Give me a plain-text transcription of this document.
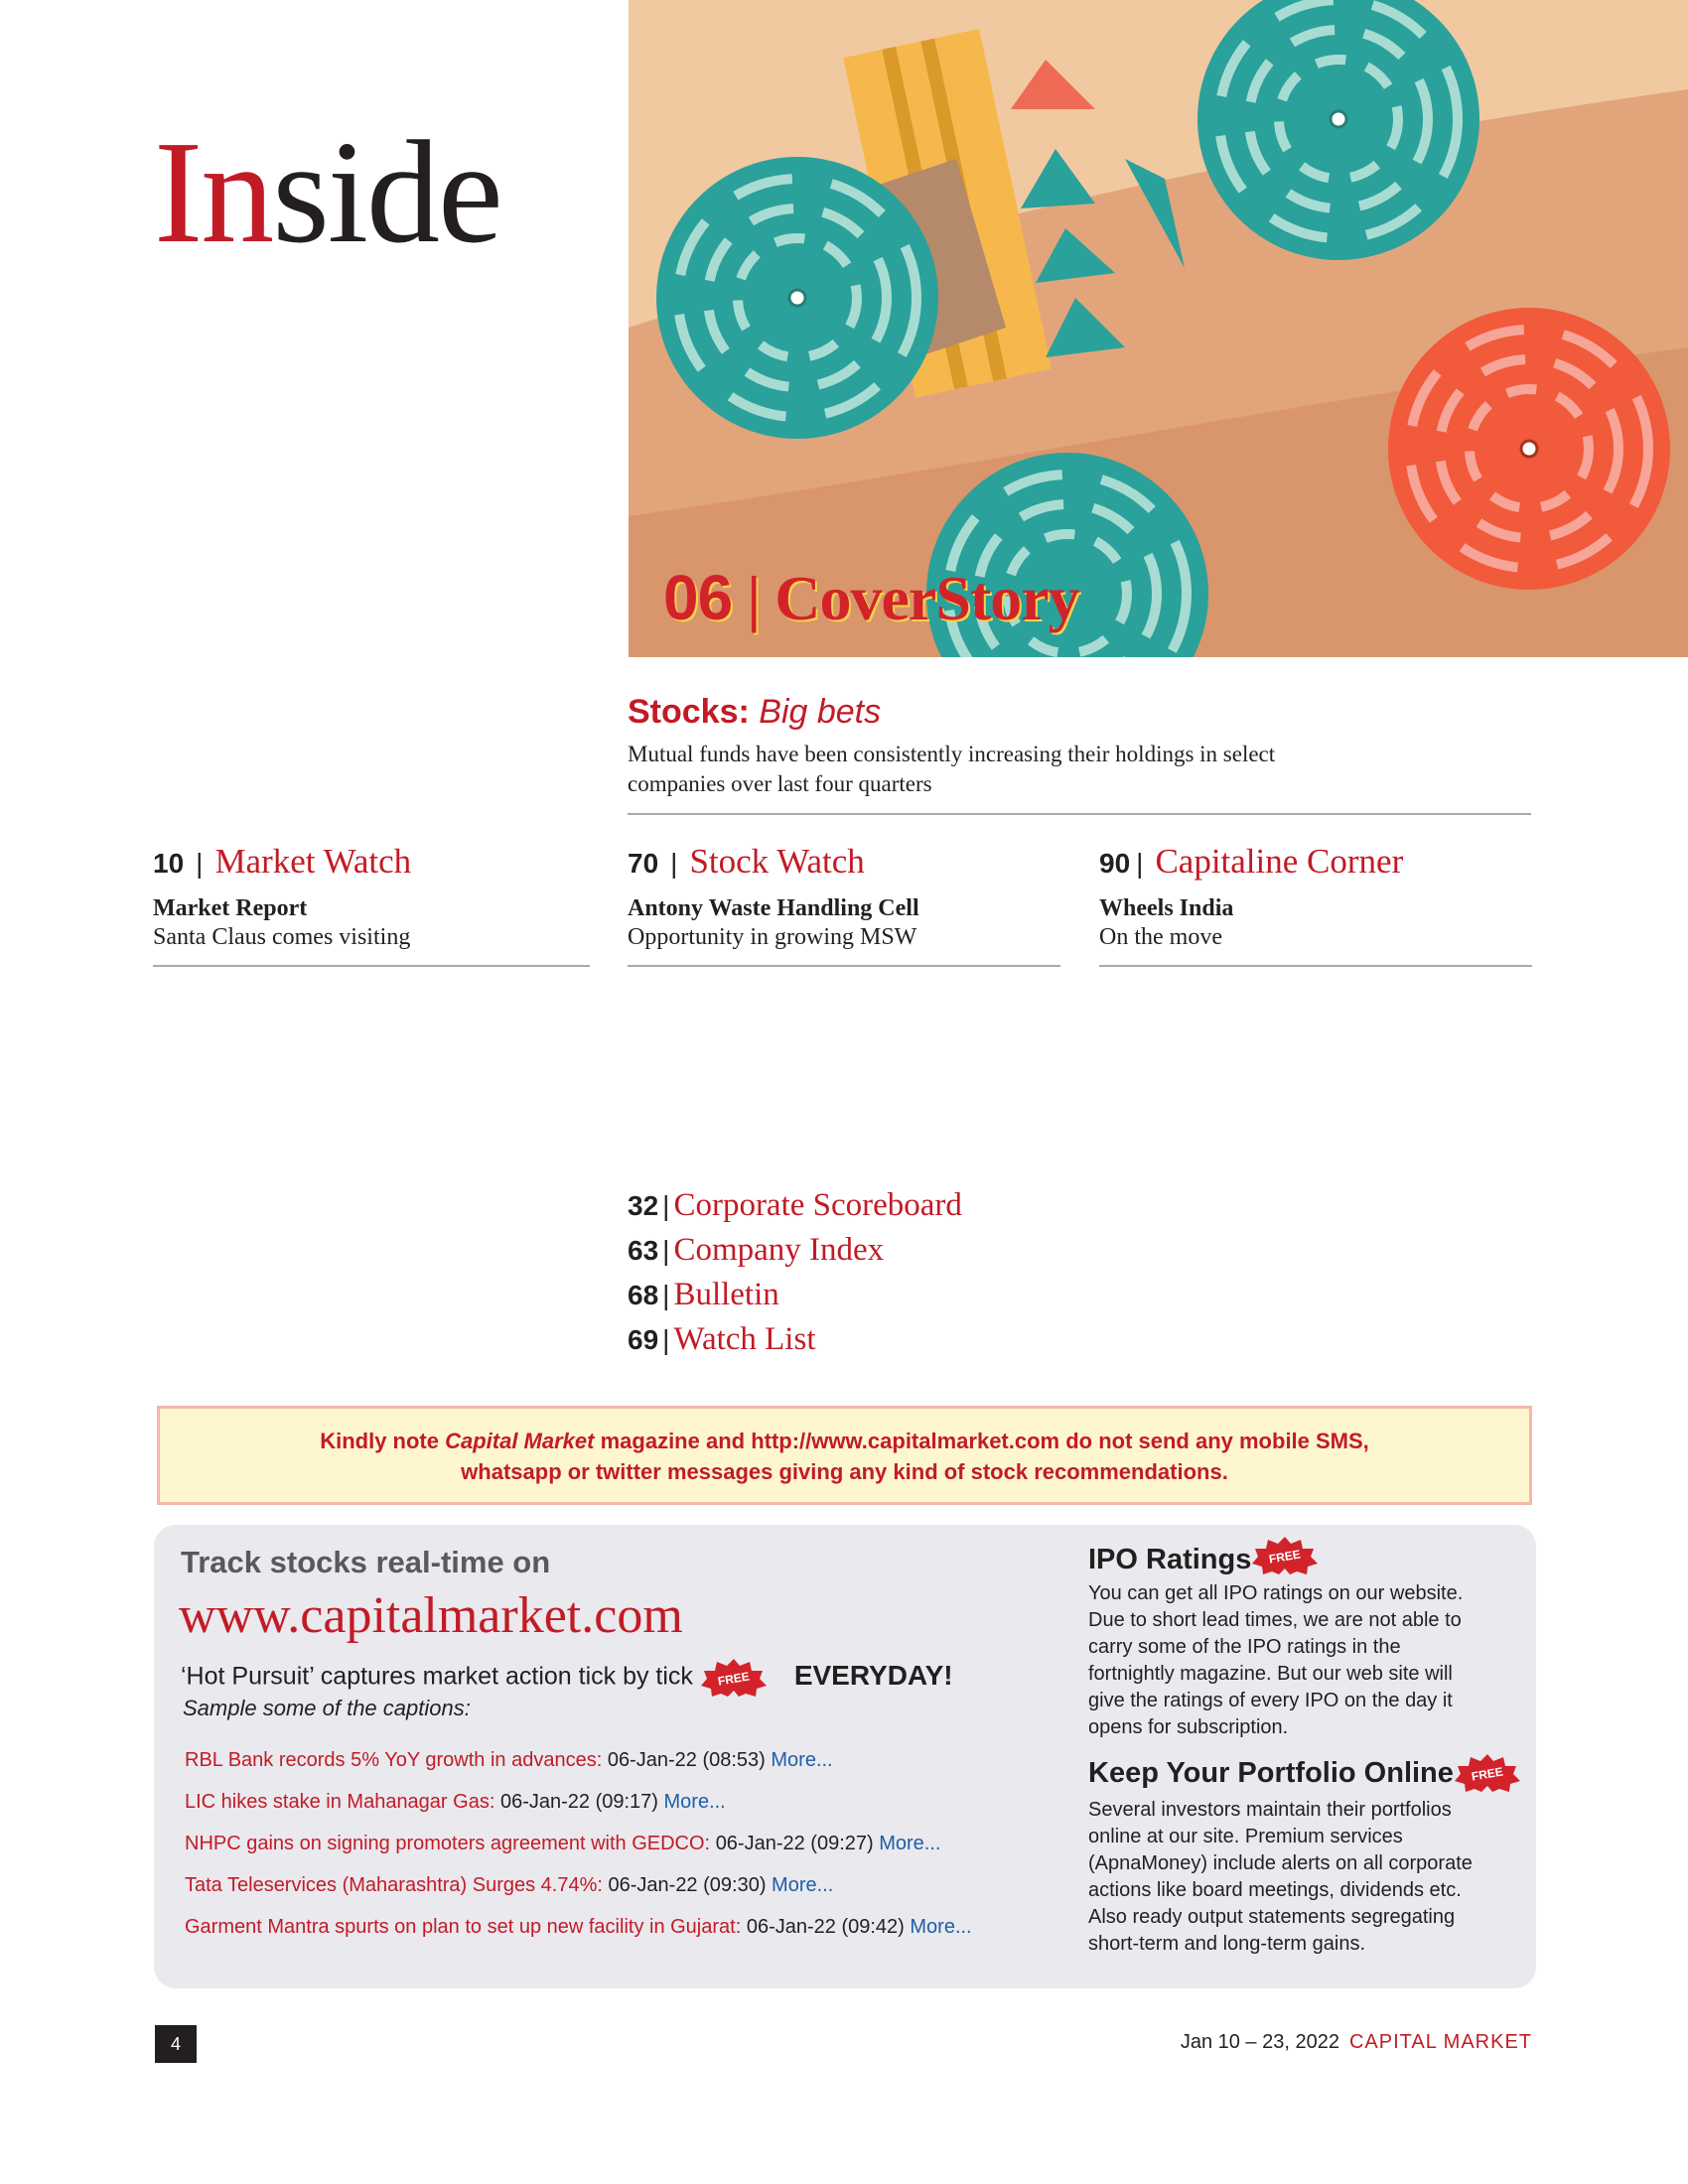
Inside
06 | CoverStory
Stocks: Big bets
Mutual funds have been consistently increasing their holdings in select companies over last four quarters
10 | Market Watch
Market Report
Santa Claus comes visiting
70 | Stock Watch
Antony Waste Handling Cell
Opportunity in growing MSW
90 | Capitaline Corner
Wheels India
On the move
32 | Corporate Scoreboard
63 | Company Index
68 | Bulletin
69 | Watch List
Kindly note Capital Market magazine and http://www.capitalmarket.com do not send any mobile SMS,
whatsapp or twitter messages giving any kind of stock recommendations.
Track stocks real-time on
www.capitalmarket.com
‘Hot Pursuit’ captures market action tick by tick FREE EVERYDAY!
Sample some of the captions:
RBL Bank records 5% YoY growth in advances: 06-Jan-22 (08:53) More...
LIC hikes stake in Mahanagar Gas: 06-Jan-22 (09:17) More...
NHPC gains on signing promoters agreement with GEDCO: 06-Jan-22 (09:27) More...
Tata Teleservices (Maharashtra) Surges 4.74%: 06-Jan-22 (09:30) More...
Garment Mantra spurts on plan to set up new facility in Gujarat: 06-Jan-22 (09:42) More...
IPO Ratings FREE
You can get all IPO ratings on our website. Due to short lead times, we are not able to carry some of the IPO ratings in the fortnightly magazine. But our web site will give the ratings of every IPO on the day it opens for subscription.
Keep Your Portfolio Online FREE
Several investors maintain their portfolios online at our site. Premium services (ApnaMoney) include alerts on all corporate actions like board meetings, dividends etc. Also ready output statements segregating short-term and long-term gains.
4	Jan 10 – 23, 2022 CAPITAL MARKET
